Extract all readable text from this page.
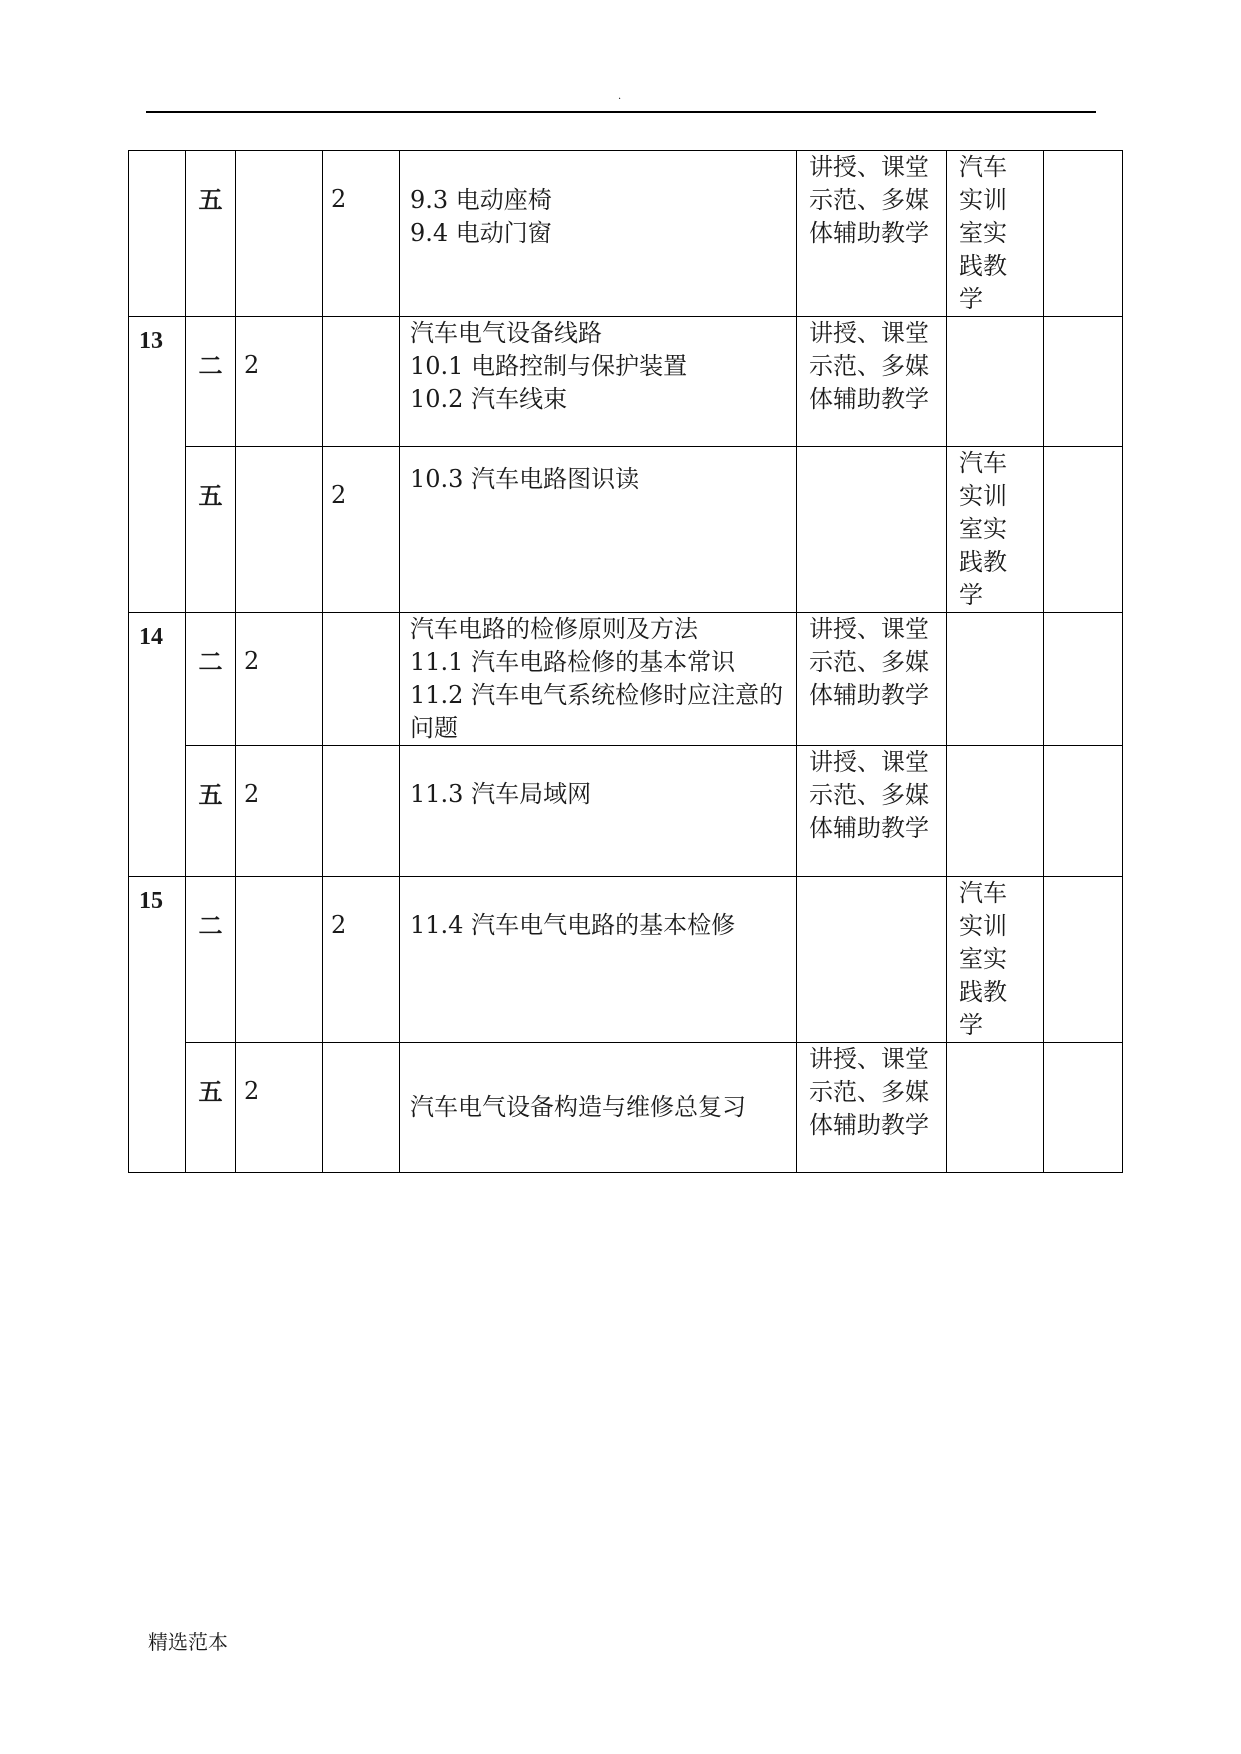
.
	五		2	9.3 电动座椅
9.4 电动门窗	讲授、课堂
示范、多媒
体辅助教学	汽车
实训
室实
践教
学	

13	二	2		汽车电气设备线路
10.1 电路控制与保护装置
10.2 汽车线束	讲授、课堂
示范、多媒
体辅助教学		

	五		2	10.3 汽车电路图识读		汽车
实训
室实
践教
学	

14	二	2		汽车电路的检修原则及方法
11.1 汽车电路检修的基本常识
11.2 汽车电气系统检修时应注意的
问题	讲授、课堂
示范、多媒
体辅助教学		

	五	2		11.3 汽车局域网	讲授、课堂
示范、多媒
体辅助教学		

15	二		2	11.4 汽车电气电路的基本检修		汽车
实训
室实
践教
学	

	五	2		汽车电气设备构造与维修总复习	讲授、课堂
示范、多媒
体辅助教学		

精选范本
